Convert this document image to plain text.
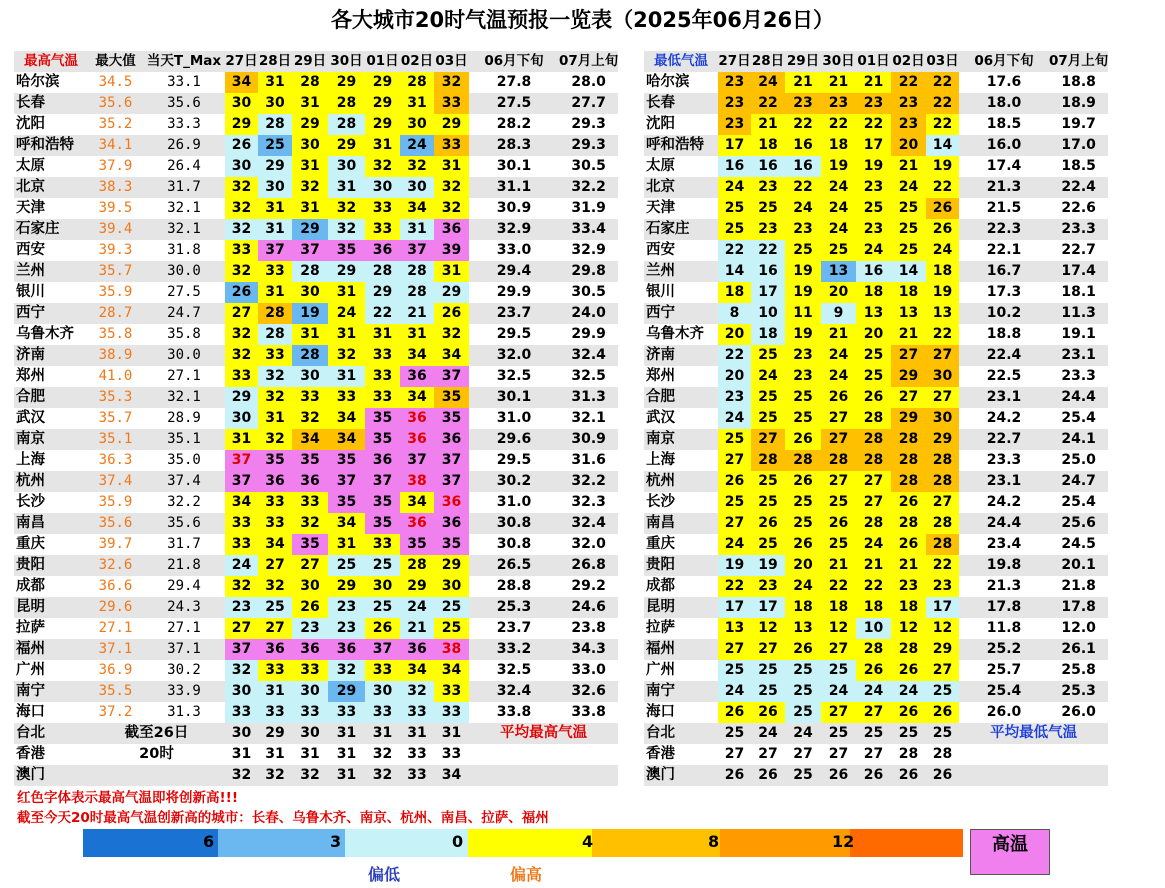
各大城市20时气温预报一览表（2025年06月26日）
最高气温	最大值	当天T_Max	27日	28日	29日	30日	01日	02日	03日	06月下旬	07月上旬
哈尔滨	34.5	33.1	34	31	28	29	29	28	32	27.8	28.0
长春	35.6	35.6	30	30	31	28	29	31	33	27.5	27.7
沈阳	35.2	33.3	29	28	29	28	29	30	29	28.2	29.3
呼和浩特	34.1	26.9	26	25	30	29	31	24	33	28.3	29.3
太原	37.9	26.4	30	29	31	30	32	32	31	30.1	30.5
北京	38.3	31.7	32	30	32	31	30	30	32	31.1	32.2
天津	39.5	32.1	32	31	31	32	33	34	32	30.9	31.9
石家庄	39.4	32.1	32	31	29	32	33	31	36	32.9	33.4
西安	39.3	31.8	33	37	37	35	36	37	39	33.0	32.9
兰州	35.7	30.0	32	33	28	29	28	28	31	29.4	29.8
银川	35.9	27.5	26	31	30	31	29	28	29	29.9	30.5
西宁	28.7	24.7	27	28	19	24	22	21	26	23.7	24.0
乌鲁木齐	35.8	35.8	32	28	31	31	31	31	32	29.5	29.9
济南	38.9	30.0	32	33	28	32	33	34	34	32.0	32.4
郑州	41.0	27.1	33	32	30	31	33	36	37	32.5	32.5
合肥	35.3	32.1	29	32	33	33	33	34	35	30.1	31.3
武汉	35.7	28.9	30	31	32	34	35	36	35	31.0	32.1
南京	35.1	35.1	31	32	34	34	35	36	36	29.6	30.9
上海	36.3	35.0	37	35	35	35	36	37	37	29.5	31.6
杭州	37.4	37.4	37	36	36	37	37	38	37	30.2	32.2
长沙	35.9	32.2	34	33	33	35	35	34	36	31.0	32.3
南昌	35.6	35.6	33	33	32	34	35	36	36	30.8	32.4
重庆	39.7	31.7	33	34	35	31	33	35	35	30.8	32.0
贵阳	32.6	21.8	24	27	27	25	25	28	29	26.5	26.8
成都	36.6	29.4	32	32	30	29	30	29	30	28.8	29.2
昆明	29.6	24.3	23	25	26	23	25	24	25	25.3	24.6
拉萨	27.1	27.1	27	27	23	23	26	21	25	23.7	23.8
福州	37.1	37.1	37	36	36	36	37	36	38	33.2	34.3
广州	36.9	30.2	32	33	33	32	33	34	34	32.5	33.0
南宁	35.5	33.9	30	31	30	29	30	32	33	32.4	32.6
海口	37.2	31.3	33	33	33	33	33	33	33	33.8	33.8
台北	截至26日		30	29	30	31	31	31	31	平均最高气温	
香港	20时		31	31	31	31	32	33	33		
澳门			32	32	32	31	32	33	34		
最低气温	27日	28日	29日	30日	01日	02日	03日	06月下旬	07月上旬
哈尔滨	23	24	21	21	21	22	22	17.6	18.8
长春	23	22	23	23	23	23	22	18.0	18.9
沈阳	23	21	22	22	22	23	22	18.5	19.7
呼和浩特	17	18	16	18	17	20	14	16.0	17.0
太原	16	16	16	19	19	21	19	17.4	18.5
北京	24	23	22	24	23	24	22	21.3	22.4
天津	25	25	24	24	25	25	26	21.5	22.6
石家庄	25	23	23	24	23	25	26	22.3	23.3
西安	22	22	25	25	24	25	24	22.1	22.7
兰州	14	16	19	13	16	14	18	16.7	17.4
银川	18	17	19	20	18	18	19	17.3	18.1
西宁	8	10	11	9	13	13	13	10.2	11.3
乌鲁木齐	20	18	19	21	20	21	22	18.8	19.1
济南	22	25	23	24	25	27	27	22.4	23.1
郑州	20	24	23	24	25	29	30	22.5	23.3
合肥	23	25	25	26	26	27	27	23.1	24.4
武汉	24	25	25	27	28	29	30	24.2	25.4
南京	25	27	26	27	28	28	29	22.7	24.1
上海	27	28	28	28	28	28	28	23.3	25.0
杭州	26	25	26	27	27	28	28	23.1	24.7
长沙	25	25	25	25	27	26	27	24.2	25.4
南昌	27	26	25	26	28	28	28	24.4	25.6
重庆	24	25	26	25	24	26	28	23.4	24.5
贵阳	19	19	20	21	21	21	22	19.8	20.1
成都	22	23	24	22	22	23	23	21.3	21.8
昆明	17	17	18	18	18	18	17	17.8	17.8
拉萨	13	12	13	12	10	12	12	11.8	12.0
福州	27	27	26	27	28	28	29	25.2	26.1
广州	25	25	25	25	26	26	27	25.7	25.8
南宁	24	25	25	24	24	24	25	25.4	25.3
海口	26	26	25	27	27	26	26	26.0	26.0
台北	25	24	24	25	25	25	25	平均最低气温	
香港	27	27	27	27	27	28	28		
澳门	26	26	25	26	26	26	26		
红色字体表示最高气温即将创新高!!!
截至今天20时最高气温创新高的城市：长春、乌鲁木齐、南京、杭州、南昌、拉萨、福州
6	3	0	4	8	12
偏低	偏高
高温
